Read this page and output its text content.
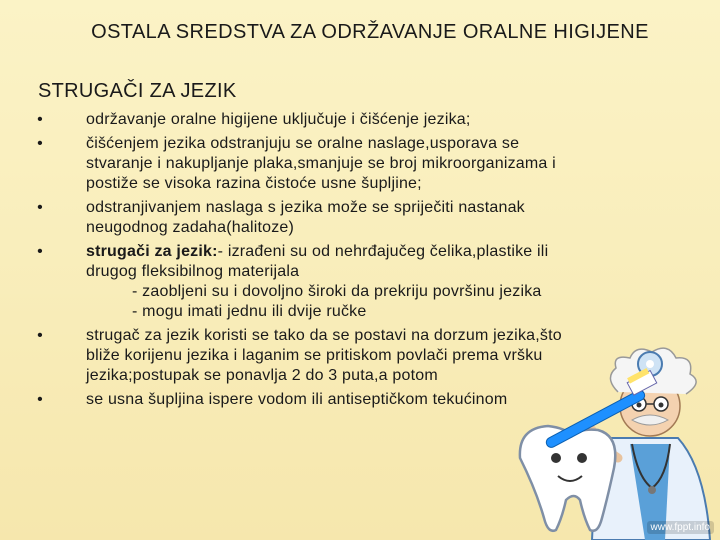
OSTALA SREDSTVA ZA ODRŽAVANJE ORALNE HIGIJENE
STRUGAČI ZA JEZIK
•	održavanje oralne higijene uključuje i čišćenje jezika;
•	čišćenjem jezika odstranjuju se oralne naslage,usporava se
stvaranje i nakupljanje plaka,smanjuje se broj mikroorganizama i
postiže se visoka razina čistoće usne šupljine;
•	odstranjivanjem naslaga s jezika može se spriječiti nastanak
neugodnog zadaha(halitoze)
•	strugači za jezik:- izrađeni su od nehrđajučeg čelika,plastike ili
drugog fleksibilnog materijala
- zaobljeni su i dovoljno široki da prekriju površinu jezika
- mogu imati jednu ili dvije ručke
•	strugač za jezik koristi se tako da se postavi na dorzum jezika,što
bliže korijenu jezika i laganim se pritiskom povlači prema vršku
jezika;postupak se ponavlja 2 do 3 puta,a potom
•	se usna šupljina ispere vodom ili antiseptičkom tekućinom
www.fppt.info
